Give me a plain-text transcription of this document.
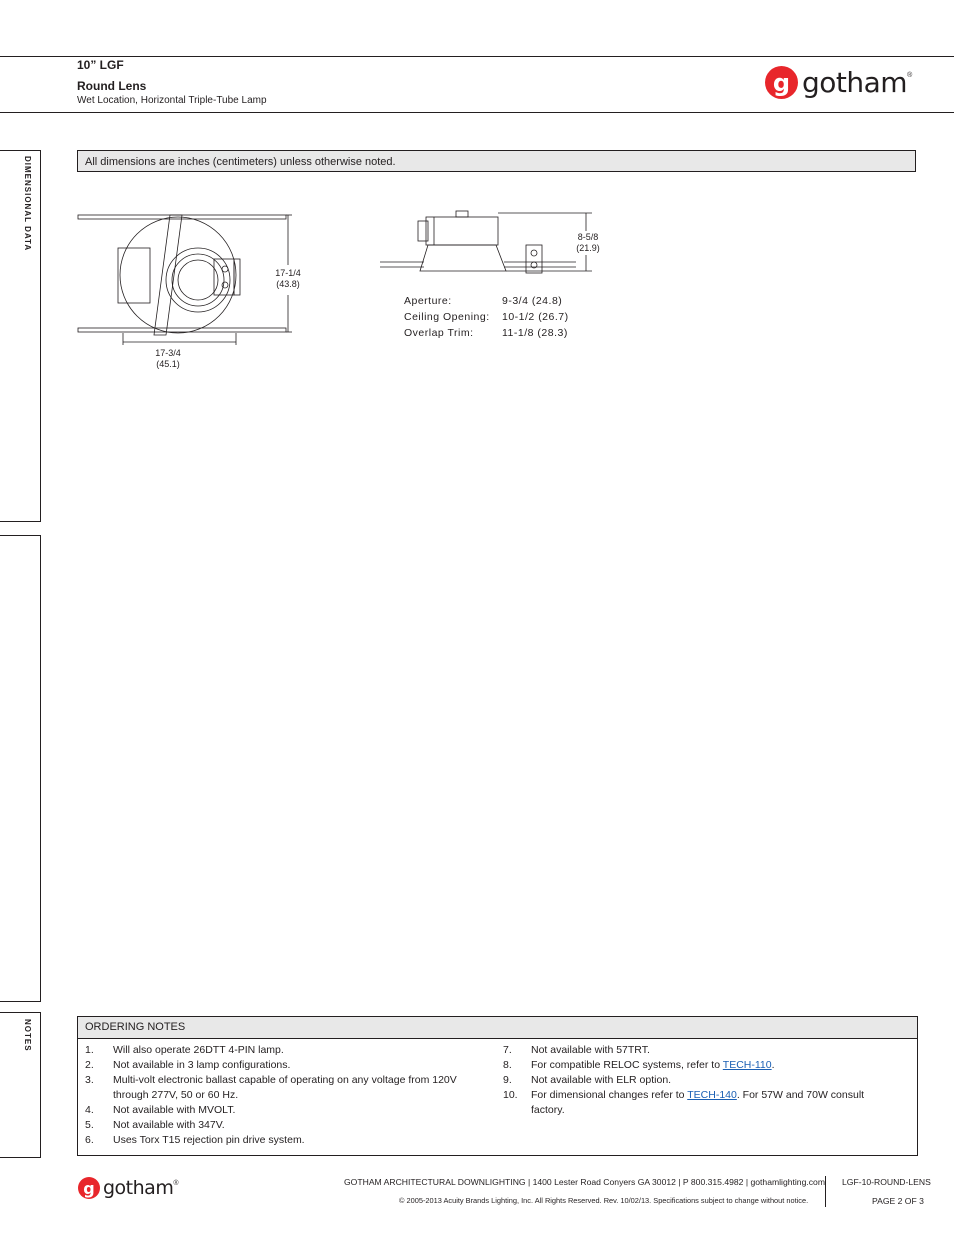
10” LGF
Round Lens
Wet Location, Horizontal Triple-Tube Lamp
g gotham ®
DIMENSIONAL DATA
NOTES
All dimensions are inches (centimeters) unless otherwise noted.
17-1/4
(43.8)
17-3/4
(45.1)
8-5/8
(21.9)
Aperture:	9-3/4 (24.8)
Ceiling Opening: 10-1/2 (26.7)
Overlap Trim:	11-1/8 (28.3)
ORDERING NOTES
1. Will also operate 26DTT 4-PIN lamp.
2. Not available in 3 lamp configurations.
3. Multi-volt electronic ballast capable of operating on any voltage from 120V
through 277V, 50 or 60 Hz.
4. Not available with MVOLT.
5. Not available with 347V.
6. Uses Torx T15 rejection pin drive system.
7. Not available with 57TRT.
8. For compatible RELOC systems, refer to TECH-110.
9. Not available with ELR option.
10. For dimensional changes refer to TECH-140. For 57W and 70W consult
factory.
g gotham ®	GOTHAM ARCHITECTURAL DOWNLIGHTING | 1400 Lester Road Conyers GA 30012 | P 800.315.4982 | gothamlighting.com
© 2005-2013 Acuity Brands Lighting, Inc. All Rights Reserved. Rev. 10/02/13. Specifications subject to change without notice.
LGF-10-ROUND-LENS
PAGE 2 OF 3
